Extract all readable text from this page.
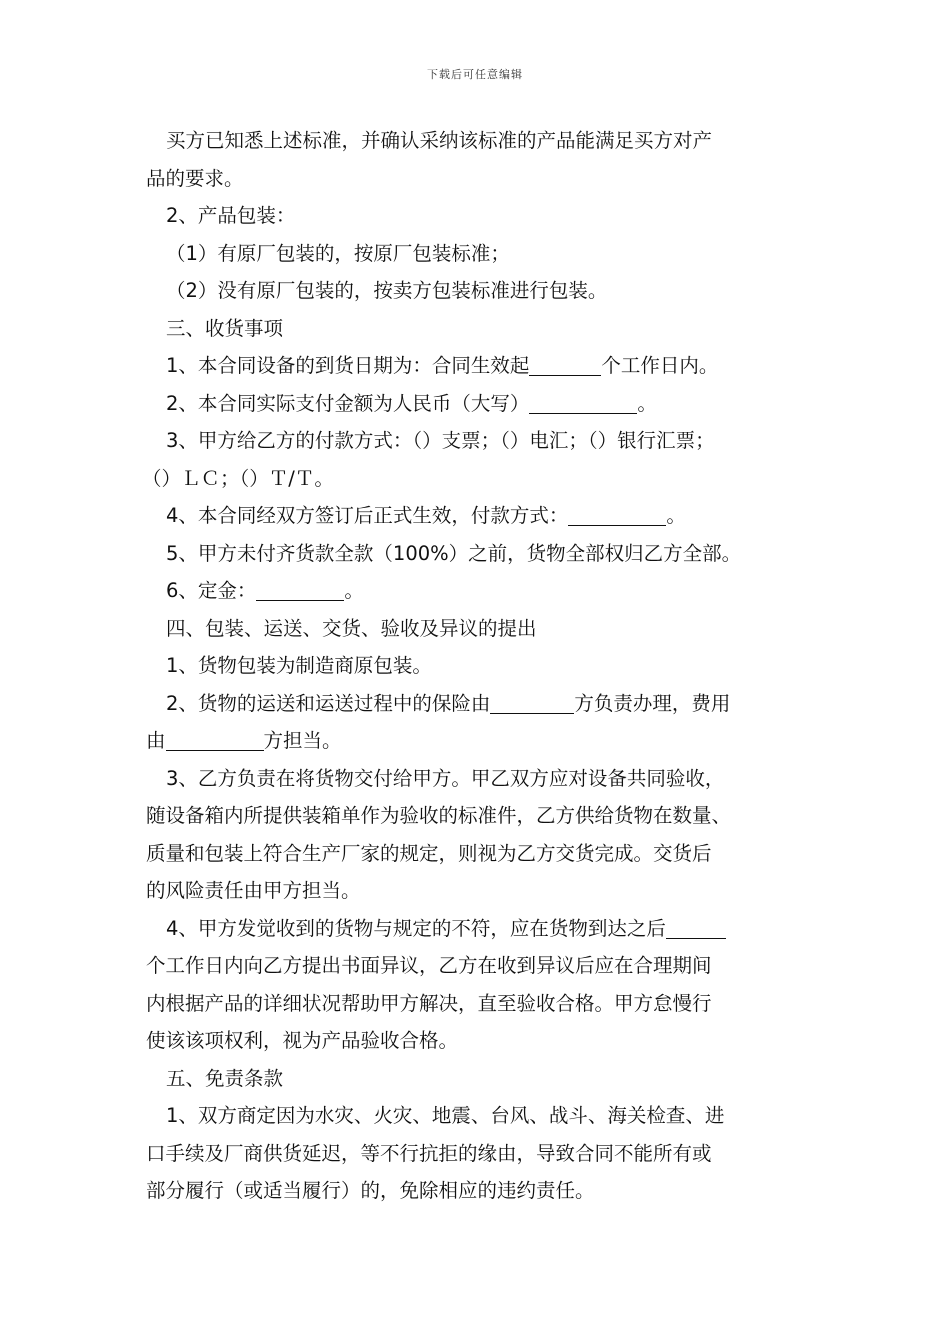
下载后可任意编辑
买方已知悉上述标准，并确认采纳该标准的产品能满足买方对产
品的要求。
2、产品包装：
（1）有原厂包装的，按原厂包装标准；
（2）没有原厂包装的，按卖方包装标准进行包装。
三、收货事项
1、本合同设备的到货日期为：合同生效起	个工作日内。
2、本合同实际支付金额为人民币（大写）	。
3、甲方给乙方的付款方式：（）支票；（）电汇；（）银行汇票；
（）ＬＣ；（）Ｔ/Ｔ。
4、本合同经双方签订后正式生效，付款方式：	。
5、甲方未付齐货款全款（100%）之前，货物全部权归乙方全部。
6、定金：	。
四、包装、运送、交货、验收及异议的提出
1、货物包装为制造商原包装。
2、货物的运送和运送过程中的保险由	方负责办理，费用
由	方担当。
3、乙方负责在将货物交付给甲方。甲乙双方应对设备共同验收，
随设备箱内所提供装箱单作为验收的标准件，乙方供给货物在数量、
质量和包装上符合生产厂家的规定，则视为乙方交货完成。交货后
的风险责任由甲方担当。
4、甲方发觉收到的货物与规定的不符，应在货物到达之后
个工作日内向乙方提出书面异议，乙方在收到异议后应在合理期间
内根据产品的详细状况帮助甲方解决，直至验收合格。甲方怠慢行
使该该项权利，视为产品验收合格。
五、免责条款
1、双方商定因为水灾、火灾、地震、台风、战斗、海关检查、进
口手续及厂商供货延迟，等不行抗拒的缘由，导致合同不能所有或
部分履行（或适当履行）的，免除相应的违约责任。
